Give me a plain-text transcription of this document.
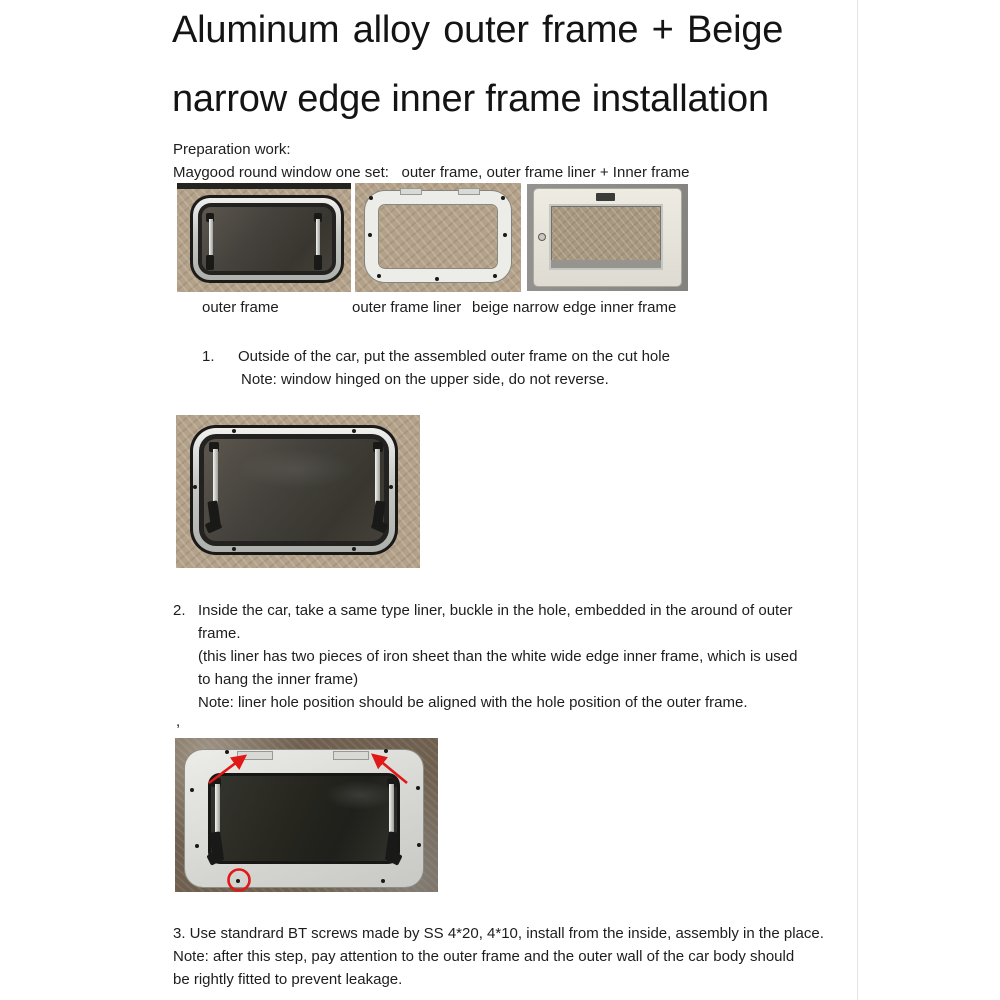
Aluminum alloy outer frame + Beige
narrow edge inner frame installation
Preparation work:
Maygood round window one set:   outer frame, outer frame liner + Inner frame
outer frame	outer frame liner beige narrow edge inner frame
1. Outside of the car, put the assembled outer frame on the cut hole
Note: window hinged on the upper side, do not reverse.
2. Inside the car, take a same type liner, buckle in the hole, embedded in the around of outer
frame.
(this liner has two pieces of iron sheet than the white wide edge inner frame, which is used
to hang the inner frame)
Note: liner hole position should be aligned with the hole position of the outer frame.
,
3. Use standrard BT screws made by SS 4*20, 4*10, install from the inside, assembly in the place.
Note: after this step, pay attention to the outer frame and the outer wall of the car body should
be rightly fitted to prevent leakage.
